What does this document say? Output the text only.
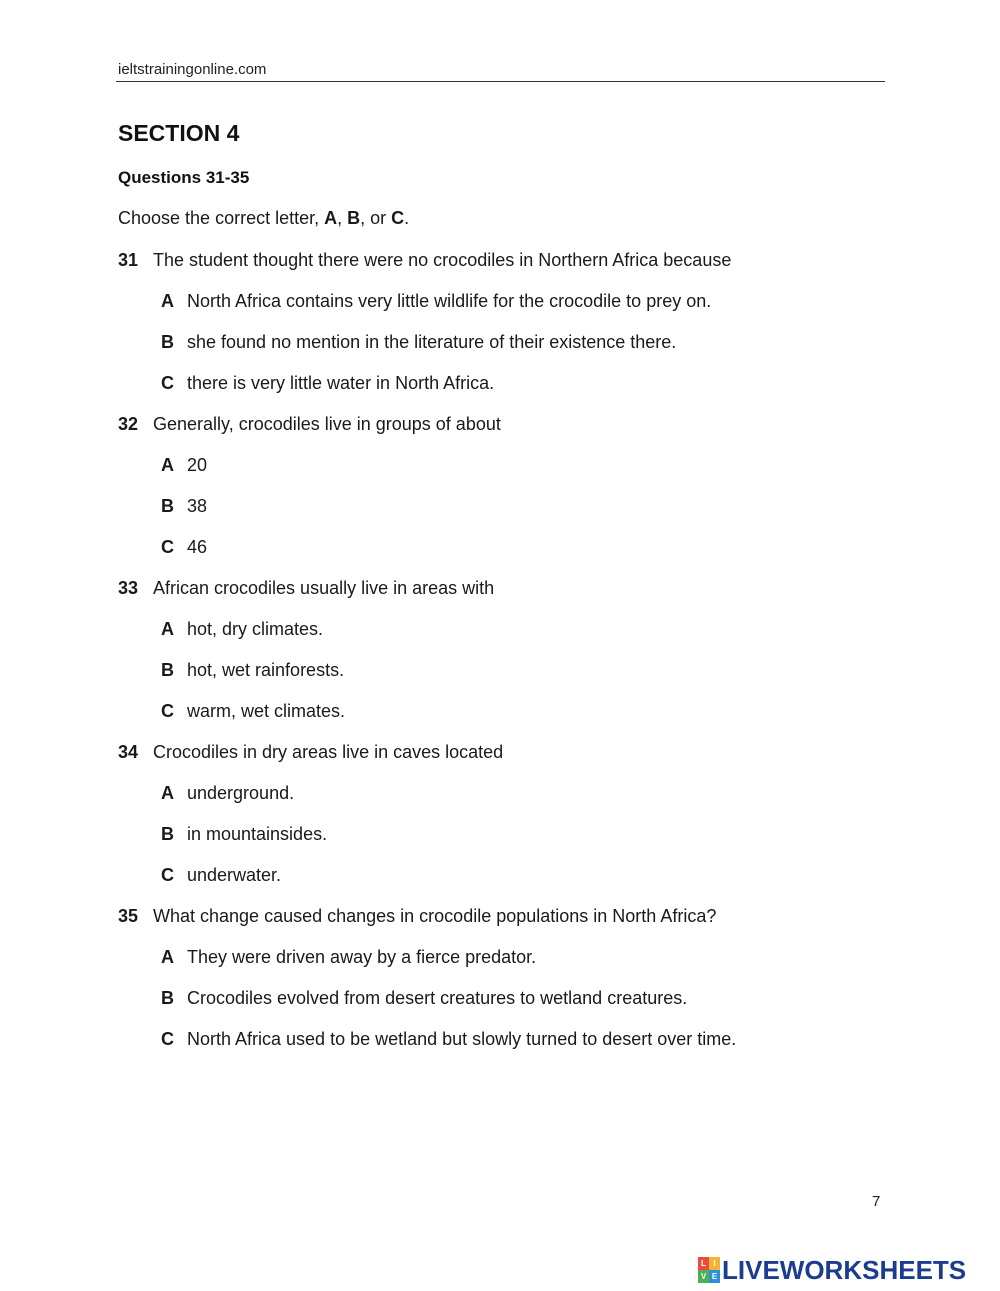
ieltstrainingonline.com
SECTION 4
Questions 31-35
Choose the correct letter, A, B, or C.
31 The student thought there were no crocodiles in Northern Africa because
A North Africa contains very little wildlife for the crocodile to prey on.
B she found no mention in the literature of their existence there.
C there is very little water in North Africa.
32 Generally, crocodiles live in groups of about
A 20
B 38
C 46
33 African crocodiles usually live in areas with
A hot, dry climates.
B hot, wet rainforests.
C warm, wet climates.
34 Crocodiles in dry areas live in caves located
A underground.
B in mountainsides.
C underwater.
35 What change caused changes in crocodile populations in North Africa?
A They were driven away by a fierce predator.
B Crocodiles evolved from desert creatures to wetland creatures.
C North Africa used to be wetland but slowly turned to desert over time.
7
L I
V E LIVEWORKSHEETS
